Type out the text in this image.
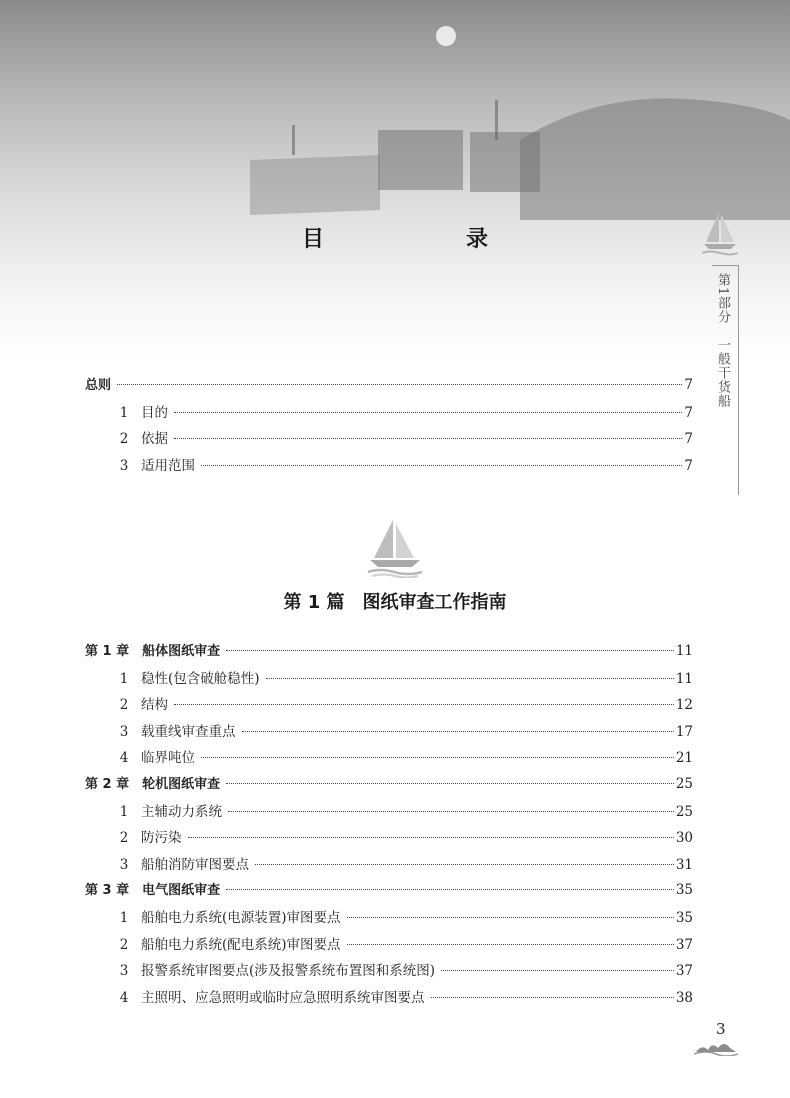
目　录
第1部分　一般干货船
总则	7
1 目的	7
2 依据	7
3 适用范围	7
第 1 篇　图纸审查工作指南
第 1 章　船体图纸审查	11
1 稳性(包含破舱稳性)	11
2 结构	12
3 载重线审查重点	17
4 临界吨位	21
第 2 章　轮机图纸审查	25
1 主辅动力系统	25
2 防污染	30
3 船舶消防审图要点	31
第 3 章　电气图纸审查	35
1 船舶电力系统(电源装置)审图要点	35
2 船舶电力系统(配电系统)审图要点	37
3 报警系统审图要点(涉及报警系统布置图和系统图)	37
4 主照明、应急照明或临时应急照明系统审图要点	38
3
